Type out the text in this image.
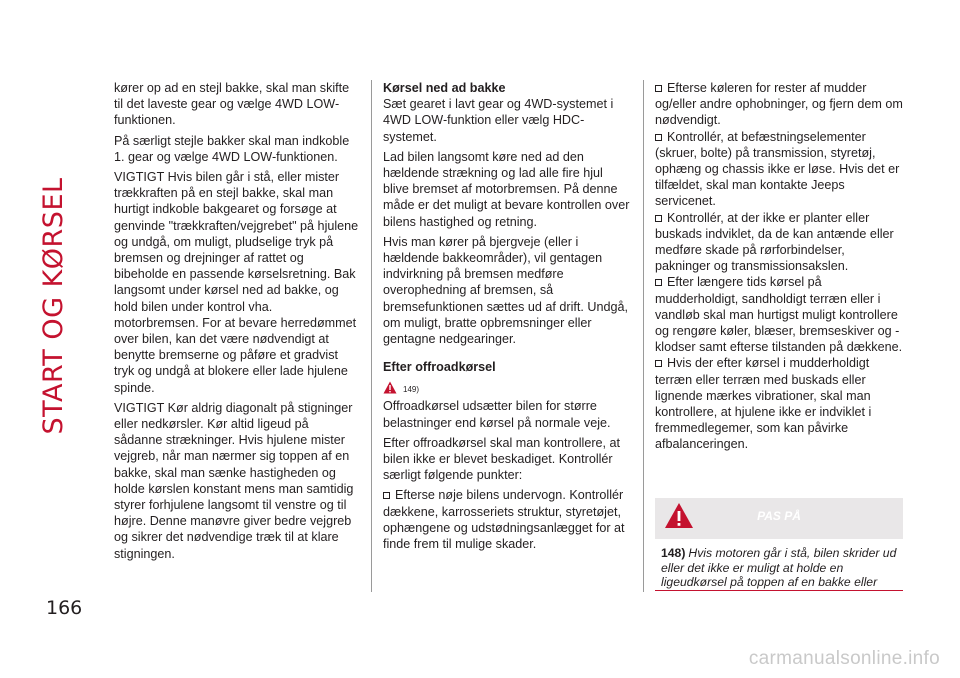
START OG KØRSEL
166

kører op ad en stejl bakke, skal man skifte til det laveste gear og vælge 4WD LOW-funktionen.

På særligt stejle bakker skal man indkoble 1. gear og vælge 4WD LOW-funktionen.

VIGTIGT Hvis bilen går i stå, eller mister trækkraften på en stejl bakke, skal man hurtigt indkoble bakgearet og forsøge at genvinde "trækkraften/vejgrebet" på hjulene og undgå, om muligt, pludselige tryk på bremsen og drejninger af rattet og bibeholde en passende kørselsretning. Bak langsomt under kørsel ned ad bakke, og hold bilen under kontrol vha. motorbremsen. For at bevare herredømmet over bilen, kan det være nødvendigt at benytte bremserne og påføre et gradvist tryk og undgå at blokere eller lade hjulene spinde.

VIGTIGT Kør aldrig diagonalt på stigninger eller nedkørsler. Kør altid ligeud på sådanne strækninger. Hvis hjulene mister vejgreb, når man nærmer sig toppen af en bakke, skal man sænke hastigheden og holde kørslen konstant mens man samtidig styrer forhjulene langsomt til venstre og til højre. Denne manøvre giver bedre vejgreb og sikrer det nødvendige træk til at klare stigningen.

Kørsel ned ad bakke

Sæt gearet i lavt gear og 4WD-systemet i 4WD LOW-funktion eller vælg HDC-systemet.

Lad bilen langsomt køre ned ad den hældende strækning og lad alle fire hjul blive bremset af motorbremsen. På denne måde er det muligt at bevare kontrollen over bilens hastighed og retning.

Hvis man kører på bjergveje (eller i hældende bakkeområder), vil gentagen indvirkning på bremsen medføre overophedning af bremsen, så bremsefunktionen sættes ud af drift. Undgå, om muligt, bratte opbremsninger eller gentagne nedgearinger.

Efter offroadkørsel

149)

Offroadkørsel udsætter bilen for større belastninger end kørsel på normale veje.

Efter offroadkørsel skal man kontrollere, at bilen ikke er blevet beskadiget. Kontrollér særligt følgende punkter:

Efterse nøje bilens undervogn. Kontrollér dækkene, karrosseriets struktur, styretøjet, ophængene og udstødningsanlægget for at finde frem til mulige skader.

Efterse køleren for rester af mudder og/eller andre ophobninger, og fjern dem om nødvendigt.

Kontrollér, at befæstningselementer (skruer, bolte) på transmission, styretøj, ophæng og chassis ikke er løse. Hvis det er tilfældet, skal man kontakte Jeeps servicenet.

Kontrollér, at der ikke er planter eller buskads indviklet, da de kan antænde eller medføre skade på rørforbindelser, pakninger og transmissionsakslen.

Efter længere tids kørsel på mudderholdigt, sandholdigt terræn eller i vandløb skal man hurtigst muligt kontrollere og rengøre køler, blæser, bremseskiver og -klodser samt efterse tilstanden på dækkene.

Hvis der efter kørsel i mudderholdigt terræn eller terræn med buskads eller lignende mærkes vibrationer, skal man kontrollere, at hjulene ikke er indviklet i fremmedlegemer, som kan påvirke afbalanceringen.

PAS PÅ
148) Hvis motoren går i stå, bilen skrider ud eller det ikke er muligt at holde en ligeudkørsel på toppen af en bakke eller
carmanualsonline.info
